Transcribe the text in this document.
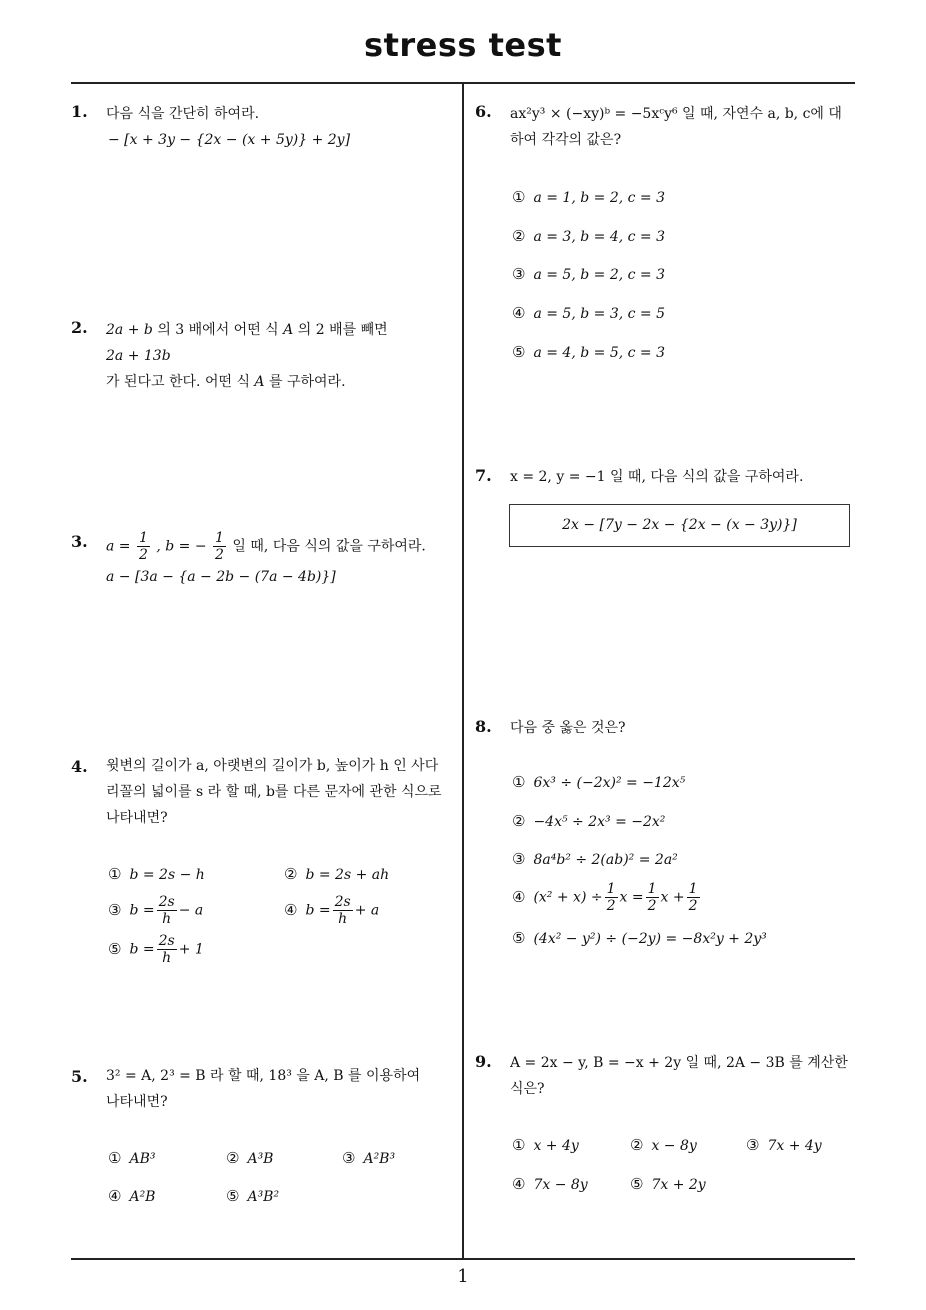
stress test
1
1. 다음 식을 간단히 하여라.
− [x + 3y − {2x − (x + 5y)} + 2y]
2. 2a + b 의 3 배에서 어떤 식 A 의 2 배를 빼면 2a + 13b
가 된다고 한다. 어떤 식 A 를 구하여라.
3. $a = \frac{1}{2}$ , b = − $\frac{1}{2}$ 일 때, 다음 식의 값을 구하여라.
a − [3a − {a − 2b − (7a − 4b)}]
4. 윗변의 길이가 a, 아랫변의 길이가 b, 높이가 h 인 사다
리꼴의 넓이를 s 라 할 때, b를 다른 문자에 관한 식으로
나타내면?
① b = 2s − h	② b = 2s + ah
③ $b = \frac{2s}{h} - a$	④ $b = \frac{2s}{h} + a$
⑤ $b = \frac{2s}{h} + 1$
5. 3² = A, 2³ = B 라 할 때, 18³ 을 A, B 를 이용하여
나타내면?
① AB³	② A³B	③ A²B³
④ A²B	⑤ A³B²
6. ax²y³ × (−xy)ᵇ = −5xᶜy⁶ 일 때, 자연수 a, b, c에 대
하여 각각의 값은?
① a = 1, b = 2, c = 3
② a = 3, b = 4, c = 3
③ a = 5, b = 2, c = 3
④ a = 5, b = 3, c = 5
⑤ a = 4, b = 5, c = 3
7. x = 2, y = −1 일 때, 다음 식의 값을 구하여라.
2x − [7y − 2x − {2x − (x − 3y)}]
8. 다음 중 옳은 것은?
① 6x³ ÷ (−2x)² = −12x⁵
② −4x⁵ ÷ 2x³ = −2x²
③ 8a⁴b² ÷ 2(ab)² = 2a²
④ $(x^2 + x) \div \frac{1}{2}$ $x = \frac{1}{2}$ $x + \frac{1}{2}$
⑤ (4x² − y²) ÷ (−2y) = −8x²y + 2y³
9. A = 2x − y, B = −x + 2y 일 때, 2A − 3B 를 계산한
식은?
① x + 4y	② x − 8y	③ 7x + 4y
④ 7x − 8y	⑤ 7x + 2y
